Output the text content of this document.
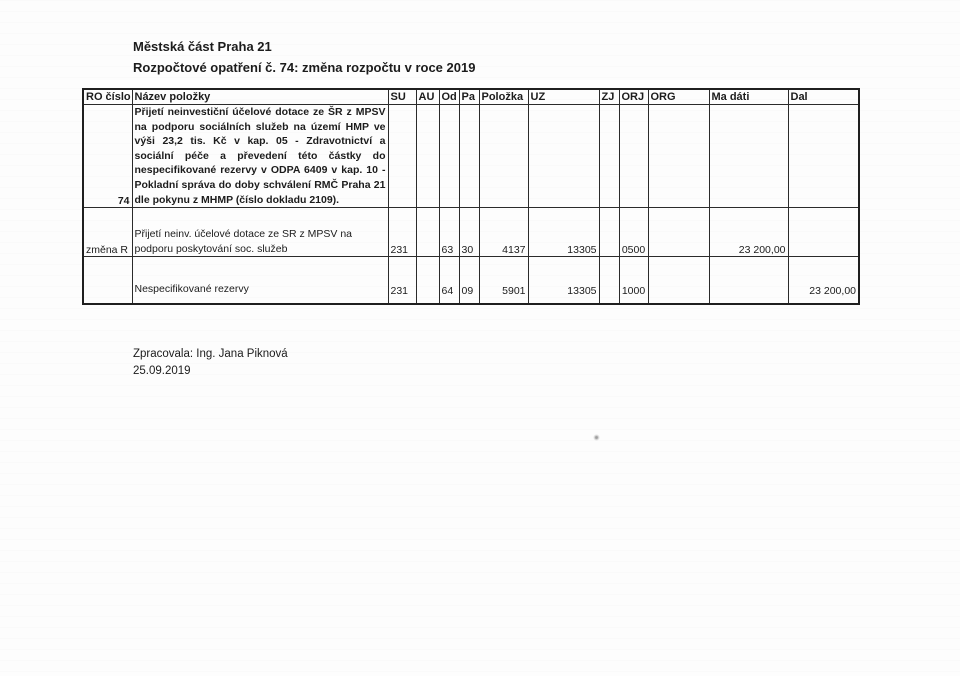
Městská část Praha 21
Rozpočtové opatření č. 74: změna rozpočtu v roce 2019
RO číslo	Název položky	SU	AU	Od	Pa	Položka	UZ	ZJ	ORJ	ORG	Ma dáti	Dal
74	Přijetí neinvestiční účelové dotace ze ŠR z MPSV na podporu sociálních služeb na území HMP ve výši 23,2 tis. Kč v kap. 05 - Zdravotnictví a sociální péče a převedení této částky do nespecifikované rezervy v ODPA 6409 v kap. 10 - Pokladní správa do doby schválení RMČ Praha 21 dle pokynu z MHMP (číslo dokladu 2109).											
změna R	Přijetí neinv. účelové dotace ze SR z MPSV na podporu poskytování soc. služeb	231		63	30	4137	13305		0500		23 200,00	
	Nespecifikované rezervy	231		64	09	5901	13305		1000			23 200,00
Zpracovala: Ing. Jana Piknová
25.09.2019
